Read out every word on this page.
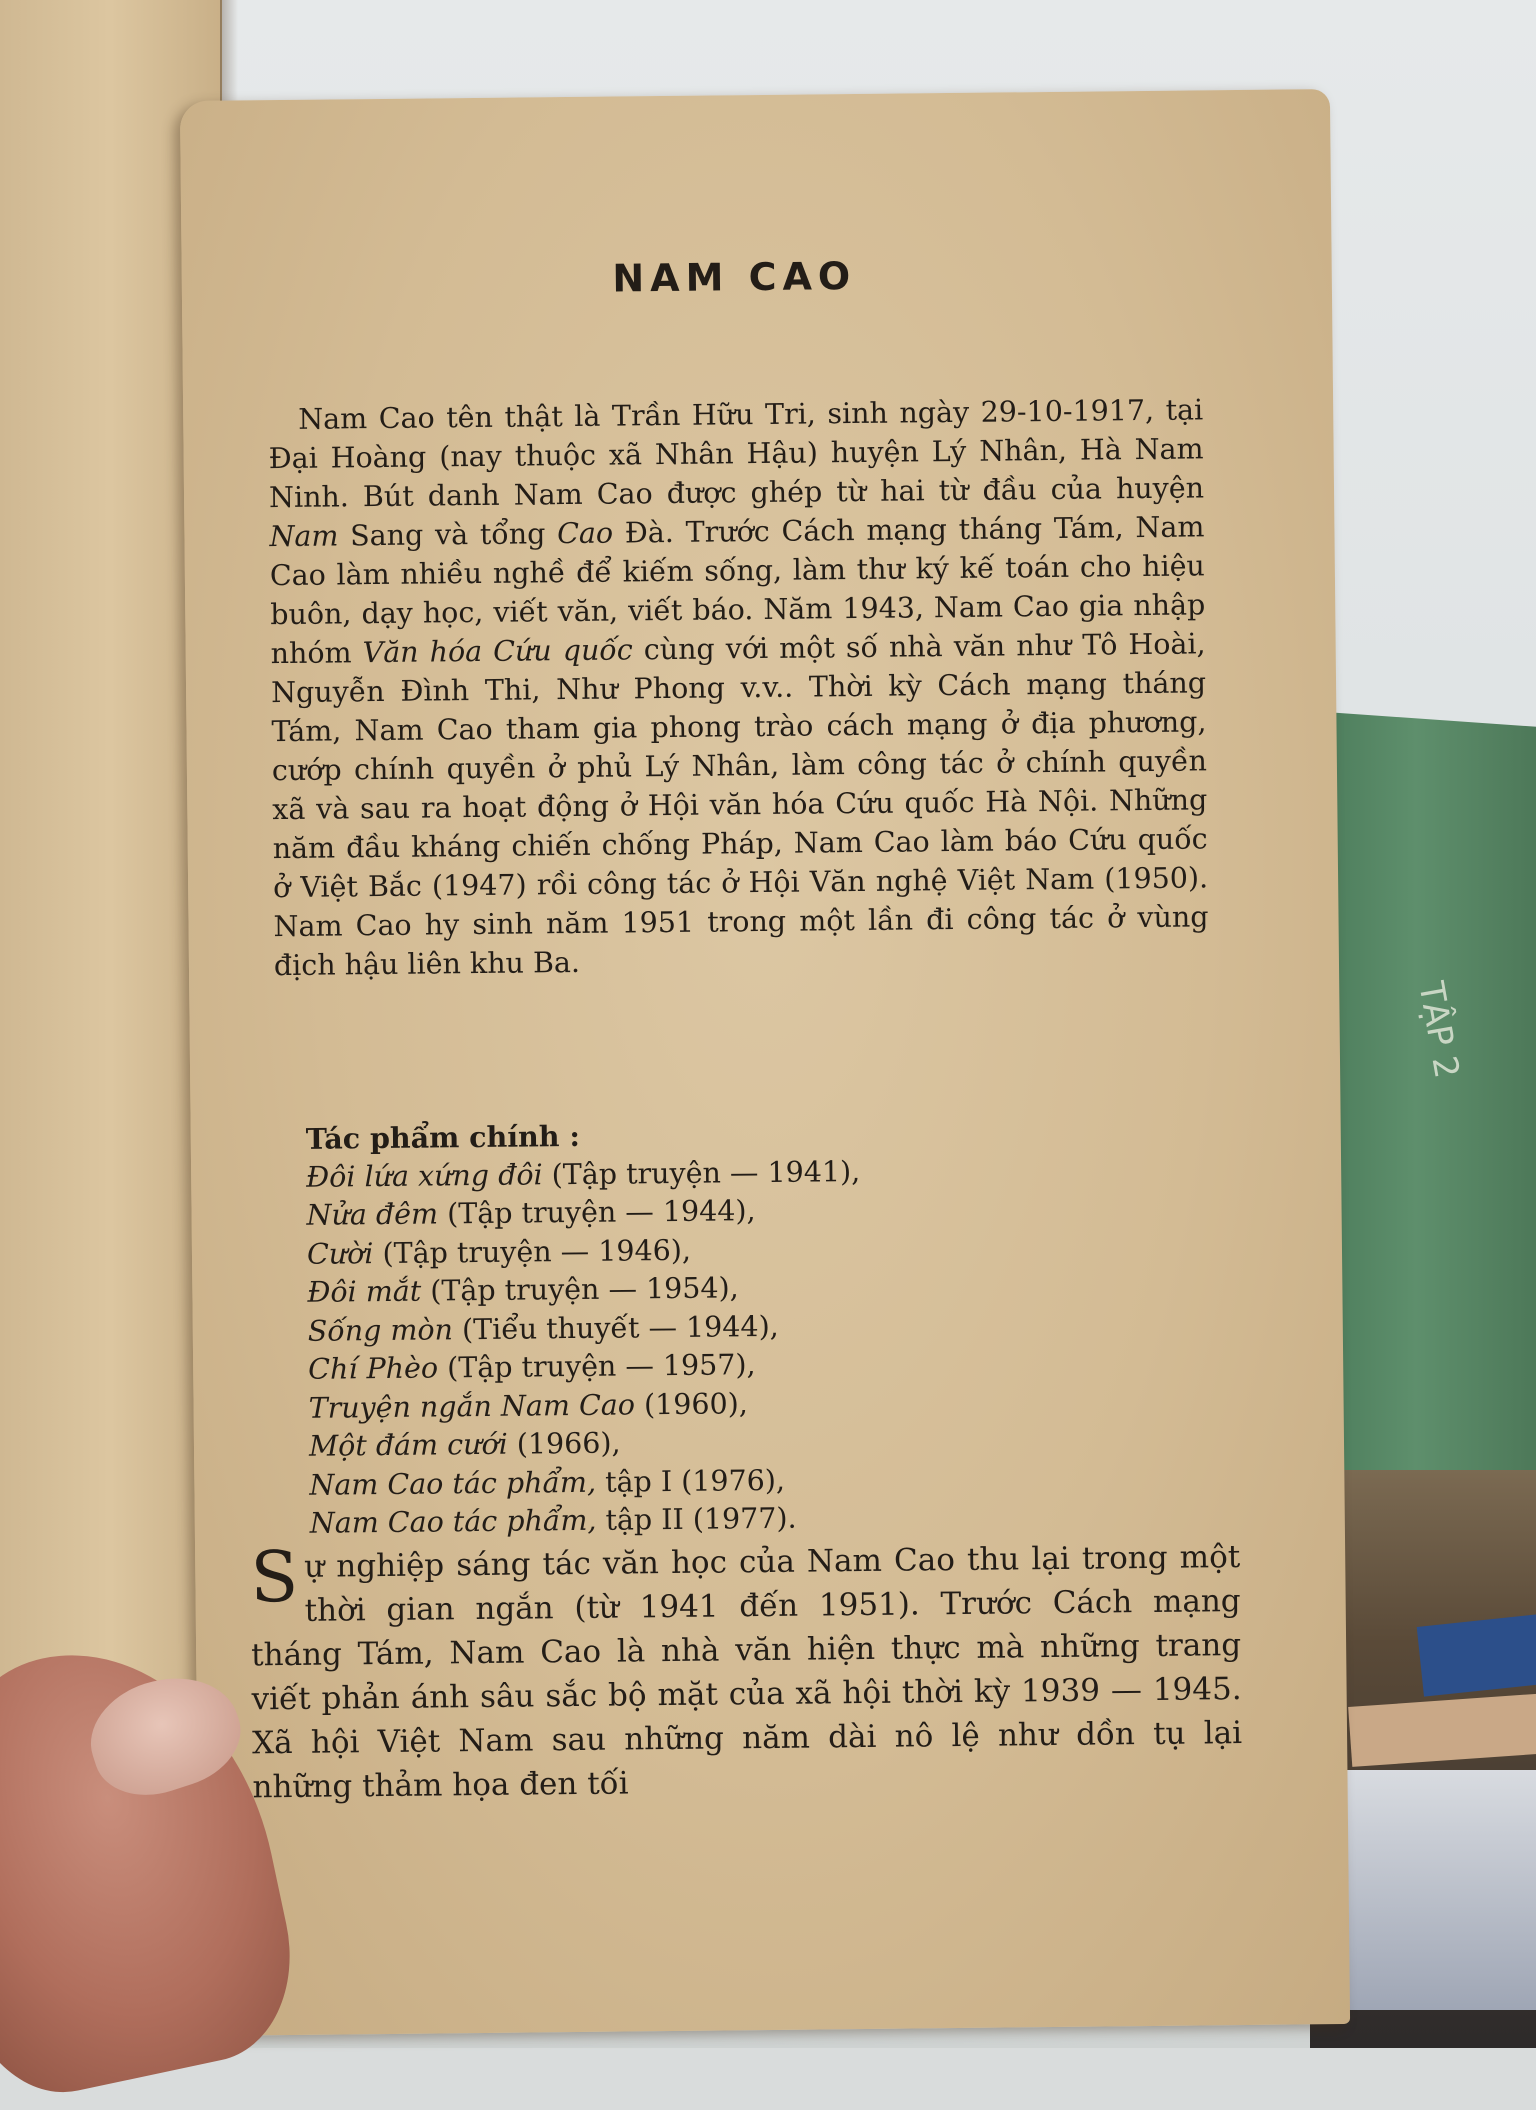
TẬP 2
NAM CAO

Nam Cao tên thật là Trần Hữu Tri, sinh ngày 29-10-1917, tại Đại Hoàng (nay thuộc xã Nhân Hậu) huyện Lý Nhân, Hà Nam Ninh. Bút danh Nam Cao được ghép từ hai từ đầu của huyện Nam Sang và tổng Cao Đà. Trước Cách mạng tháng Tám, Nam Cao làm nhiều nghề để kiếm sống, làm thư ký kế toán cho hiệu buôn, dạy học, viết văn, viết báo. Năm 1943, Nam Cao gia nhập nhóm Văn hóa Cứu quốc cùng với một số nhà văn như Tô Hoài, Nguyễn Đình Thi, Như Phong v.v.. Thời kỳ Cách mạng tháng Tám, Nam Cao tham gia phong trào cách mạng ở địa phương, cướp chính quyền ở phủ Lý Nhân, làm công tác ở chính quyền xã và sau ra hoạt động ở Hội văn hóa Cứu quốc Hà Nội. Những năm đầu kháng chiến chống Pháp, Nam Cao làm báo Cứu quốc ở Việt Bắc (1947) rồi công tác ở Hội Văn nghệ Việt Nam (1950). Nam Cao hy sinh năm 1951 trong một lần đi công tác ở vùng địch hậu liên khu Ba.

Tác phẩm chính :
Đôi lứa xứng đôi (Tập truyện — 1941),
Nửa đêm (Tập truyện — 1944),
Cười (Tập truyện — 1946),
Đôi mắt (Tập truyện — 1954),
Sống mòn (Tiểu thuyết — 1944),
Chí Phèo (Tập truyện — 1957),
Truyện ngắn Nam Cao (1960),
Một đám cưới (1966),
Nam Cao tác phẩm, tập I (1976),
Nam Cao tác phẩm, tập II (1977).

Sự nghiệp sáng tác văn học của Nam Cao thu lại trong một thời gian ngắn (từ 1941 đến 1951). Trước Cách mạng tháng Tám, Nam Cao là nhà văn hiện thực mà những trang viết phản ánh sâu sắc bộ mặt của xã hội thời kỳ 1939 — 1945. Xã hội Việt Nam sau những năm dài nô lệ như dồn tụ lại những thảm họa đen tối
